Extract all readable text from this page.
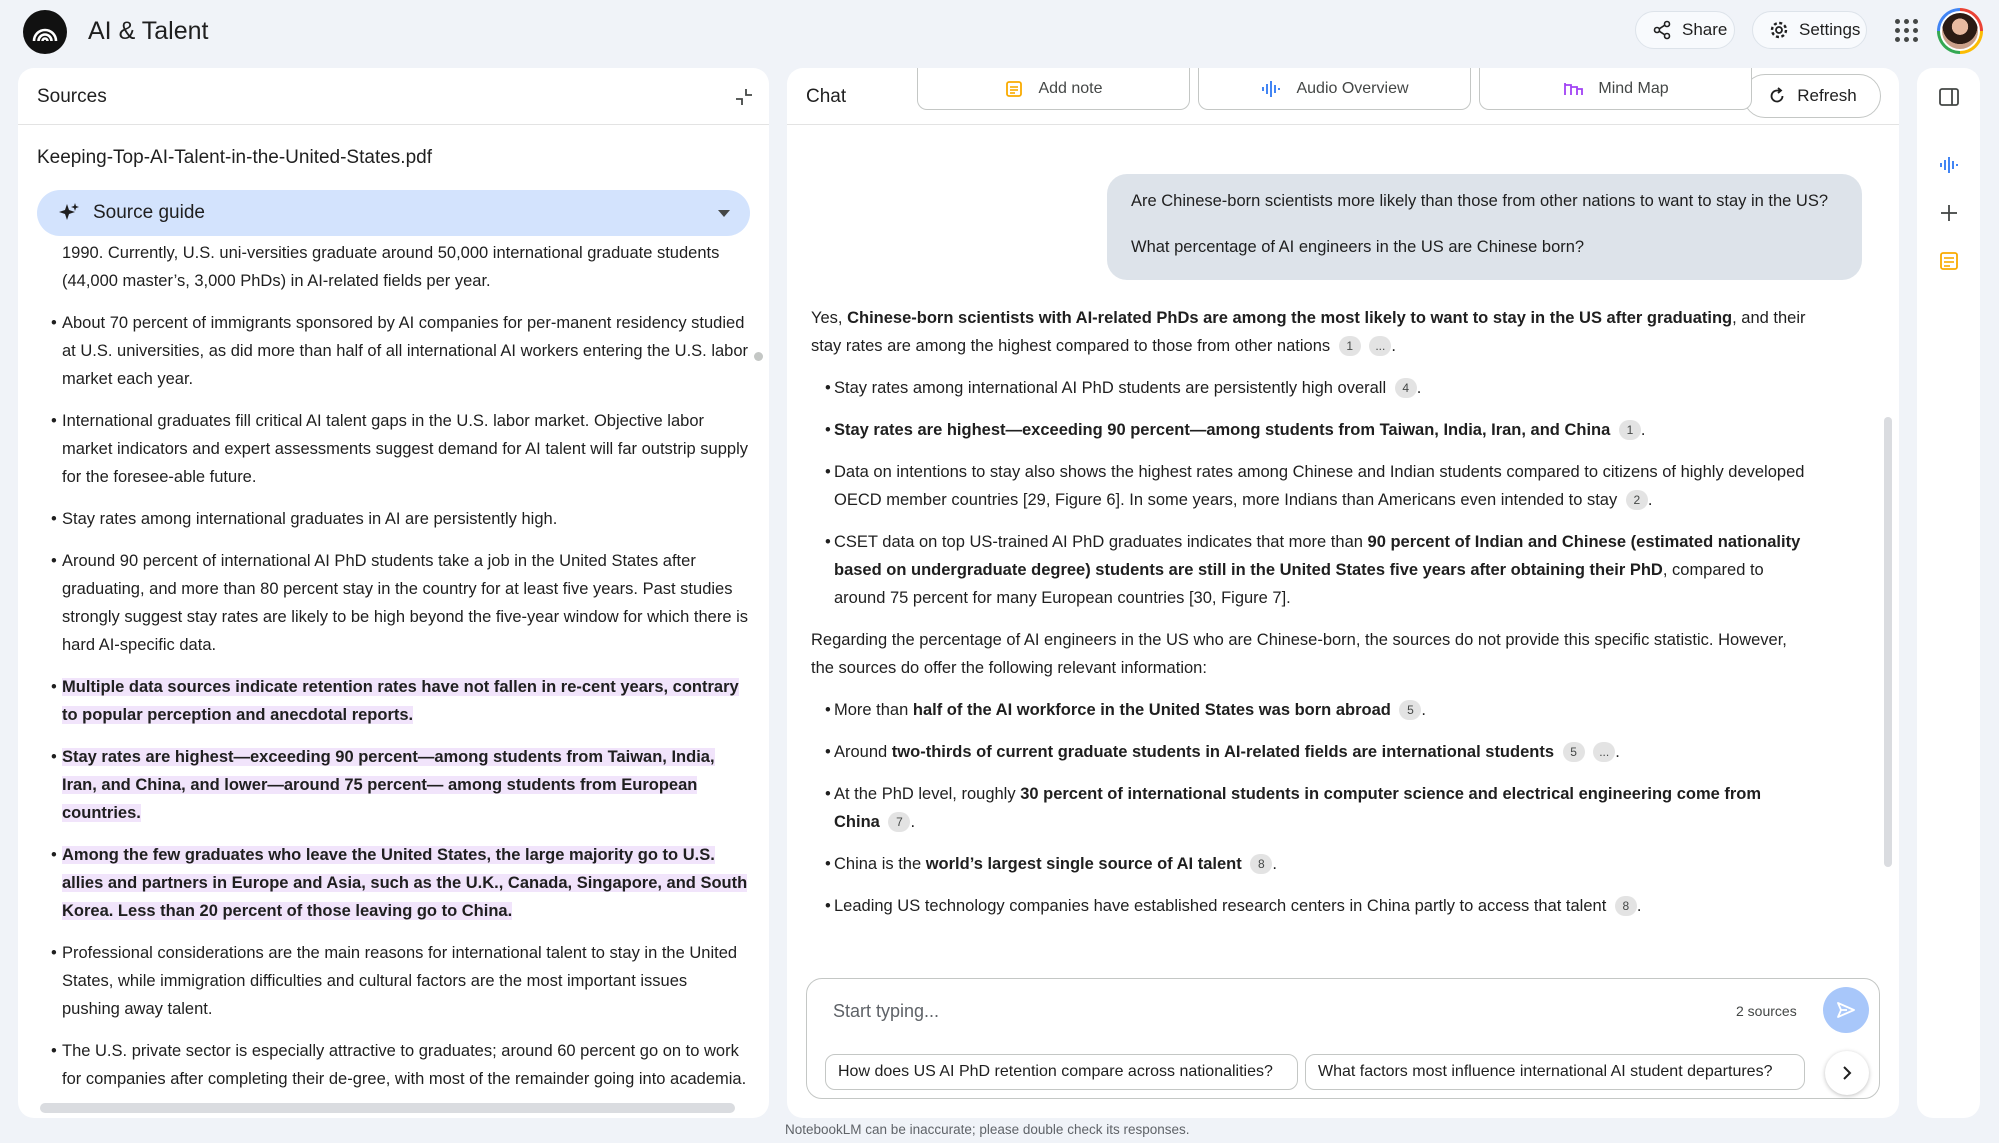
AI & Talent	Share	Settings
Sources
Keeping-Top-AI-Talent-in-the-United-States.pdf
Source guide
1990. Currently, U.S. uni-versities graduate around 50,000 international graduate students (44,000 master’s, 3,000 PhDs) in AI-related fields per year.
• About 70 percent of immigrants sponsored by AI companies for per-manent residency studied at U.S. universities, as did more than half of all international AI workers entering the U.S. labor market each year.
• International graduates fill critical AI talent gaps in the U.S. labor market. Objective labor market indicators and expert assessments suggest demand for AI talent will far outstrip supply for the foresee-able future.
• Stay rates among international graduates in AI are persistently high.
• Around 90 percent of international AI PhD students take a job in the United States after graduating, and more than 80 percent stay in the country for at least five years. Past studies strongly suggest stay rates are likely to be high beyond the five-year window for which there is hard AI-specific data.
• Multiple data sources indicate retention rates have not fallen in re-cent years, contrary to popular perception and anecdotal reports.
• Stay rates are highest—exceeding 90 percent—among students from Taiwan, India, Iran, and China, and lower—around 75 percent— among students from European countries.
• Among the few graduates who leave the United States, the large majority go to U.S. allies and partners in Europe and Asia, such as the U.K., Canada, Singapore, and South Korea. Less than 20 percent of those leaving go to China.
• Professional considerations are the main reasons for international talent to stay in the United States, while immigration difficulties and cultural factors are the most important issues pushing away talent.
• The U.S. private sector is especially attractive to graduates; around 60 percent go on to work for companies after completing their de-gree, with most of the remainder going into academia.
Chat	Refresh
Add note	Audio Overview	Mind Map

Are Chinese-born scientists more likely than those from other nations to want to stay in the US?

What percentage of AI engineers in the US are Chinese born?

Yes, Chinese-born scientists with AI-related PhDs are among the most likely to want to stay in the US after graduating, and their stay rates are among the highest compared to those from other nations 1 ... .

• Stay rates among international AI PhD students are persistently high overall 4 .
• Stay rates are highest—exceeding 90 percent—among students from Taiwan, India, Iran, and China 1 .
• Data on intentions to stay also shows the highest rates among Chinese and Indian students compared to citizens of highly developed OECD member countries [29, Figure 6]. In some years, more Indians than Americans even intended to stay 2 .
• CSET data on top US-trained AI PhD graduates indicates that more than 90 percent of Indian and Chinese (estimated nationality based on undergraduate degree) students are still in the United States five years after obtaining their PhD, compared to around 75 percent for many European countries [30, Figure 7].

Regarding the percentage of AI engineers in the US who are Chinese-born, the sources do not provide this specific statistic. However, the sources do offer the following relevant information:

• More than half of the AI workforce in the United States was born abroad 5 .
• Around two-thirds of current graduate students in AI-related fields are international students 5 ... .
• At the PhD level, roughly 30 percent of international students in computer science and electrical engineering come from China 7 .
• China is the world’s largest single source of AI talent 8 .
• Leading US technology companies have established research centers in China partly to access that talent 8 .
Start typing...
2 sources
How does US AI PhD retention compare across nationalities?	What factors most influence international AI student departures?
NotebookLM can be inaccurate; please double check its responses.
